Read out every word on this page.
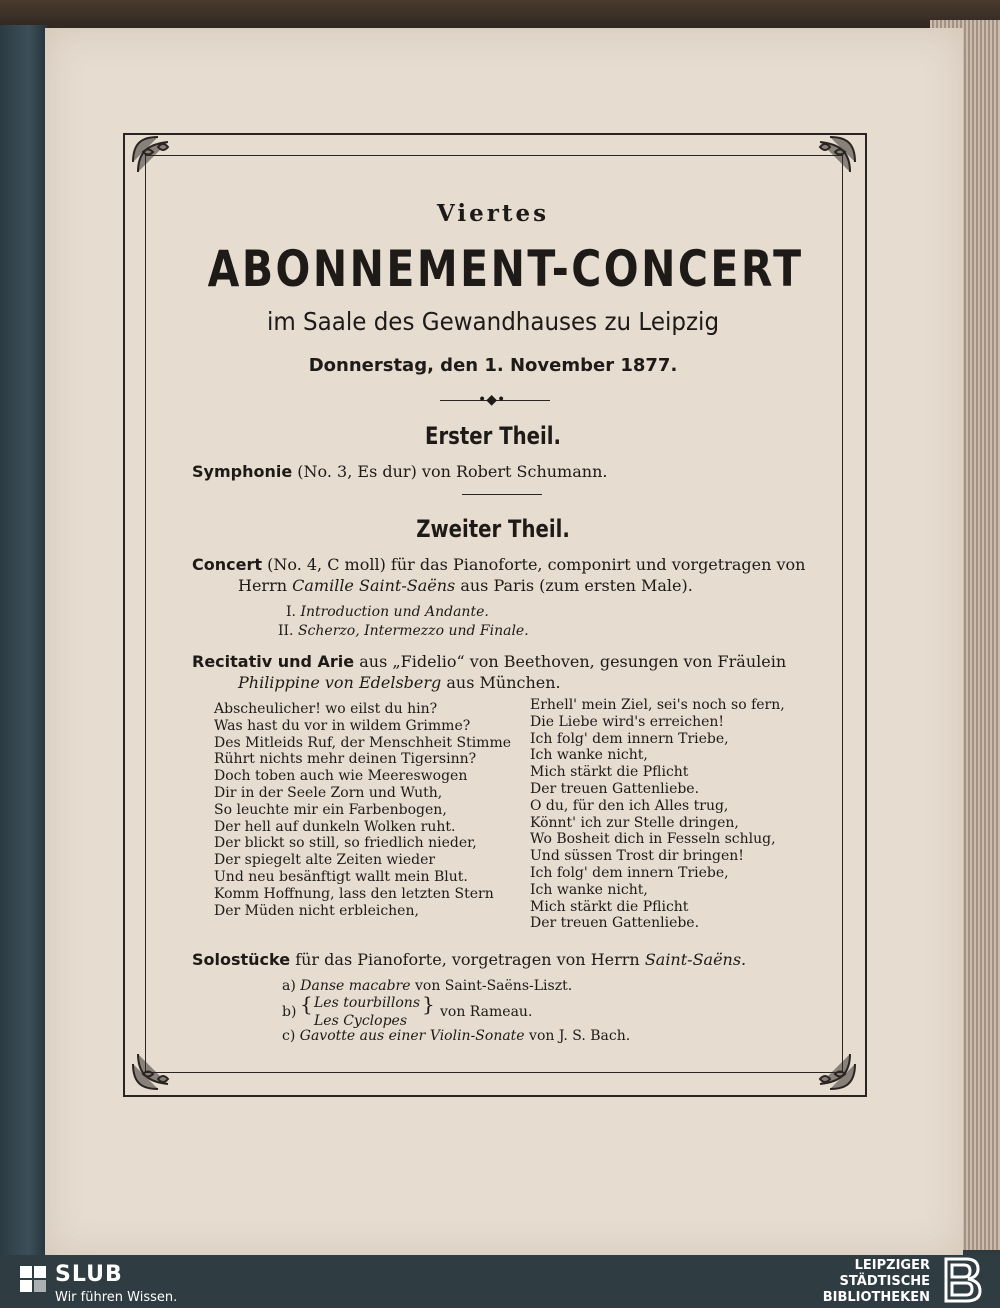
Viertes
ABONNEMENT-CONCERT
im Saale des Gewandhauses zu Leipzig
Donnerstag, den 1. November 1877.
•◆•
Erster Theil.
Symphonie (No. 3, Es dur) von Robert Schumann.
Zweiter Theil.
Concert (No. 4, C moll) für das Pianoforte, componirt und vorgetragen von
Herrn Camille Saint-Saëns aus Paris (zum ersten Male).
I. Introduction und Andante.
II. Scherzo, Intermezzo und Finale.
Recitativ und Arie aus „Fidelio“ von Beethoven, gesungen von Fräulein
Philippine von Edelsberg aus München.
Abscheulicher! wo eilst du hin?
Was hast du vor in wildem Grimme?
Des Mitleids Ruf, der Menschheit Stimme
Rührt nichts mehr deinen Tigersinn?
Doch toben auch wie Meereswogen
Dir in der Seele Zorn und Wuth,
So leuchte mir ein Farbenbogen,
Der hell auf dunkeln Wolken ruht.
Der blickt so still, so friedlich nieder,
Der spiegelt alte Zeiten wieder
Und neu besänftigt wallt mein Blut.
Komm Hoffnung, lass den letzten Stern
Der Müden nicht erbleichen,
Erhell' mein Ziel, sei's noch so fern,
Die Liebe wird's erreichen!
Ich folg' dem innern Triebe,
Ich wanke nicht,
Mich stärkt die Pflicht
Der treuen Gattenliebe.
O du, für den ich Alles trug,
Könnt' ich zur Stelle dringen,
Wo Bosheit dich in Fesseln schlug,
Und süssen Trost dir bringen!
Ich folg' dem innern Triebe,
Ich wanke nicht,
Mich stärkt die Pflicht
Der treuen Gattenliebe.
Solostücke für das Pianoforte, vorgetragen von Herrn Saint-Saëns.
a) Danse macabre von Saint-Saëns-Liszt.
b) { Les tourbillons
Les Cyclopes
} von Rameau.
c) Gavotte aus einer Violin-Sonate von J. S. Bach.
SLUB
Wir führen Wissen.
LEIPZIGER
STÄDTISCHE
BIBLIOTHEKEN
